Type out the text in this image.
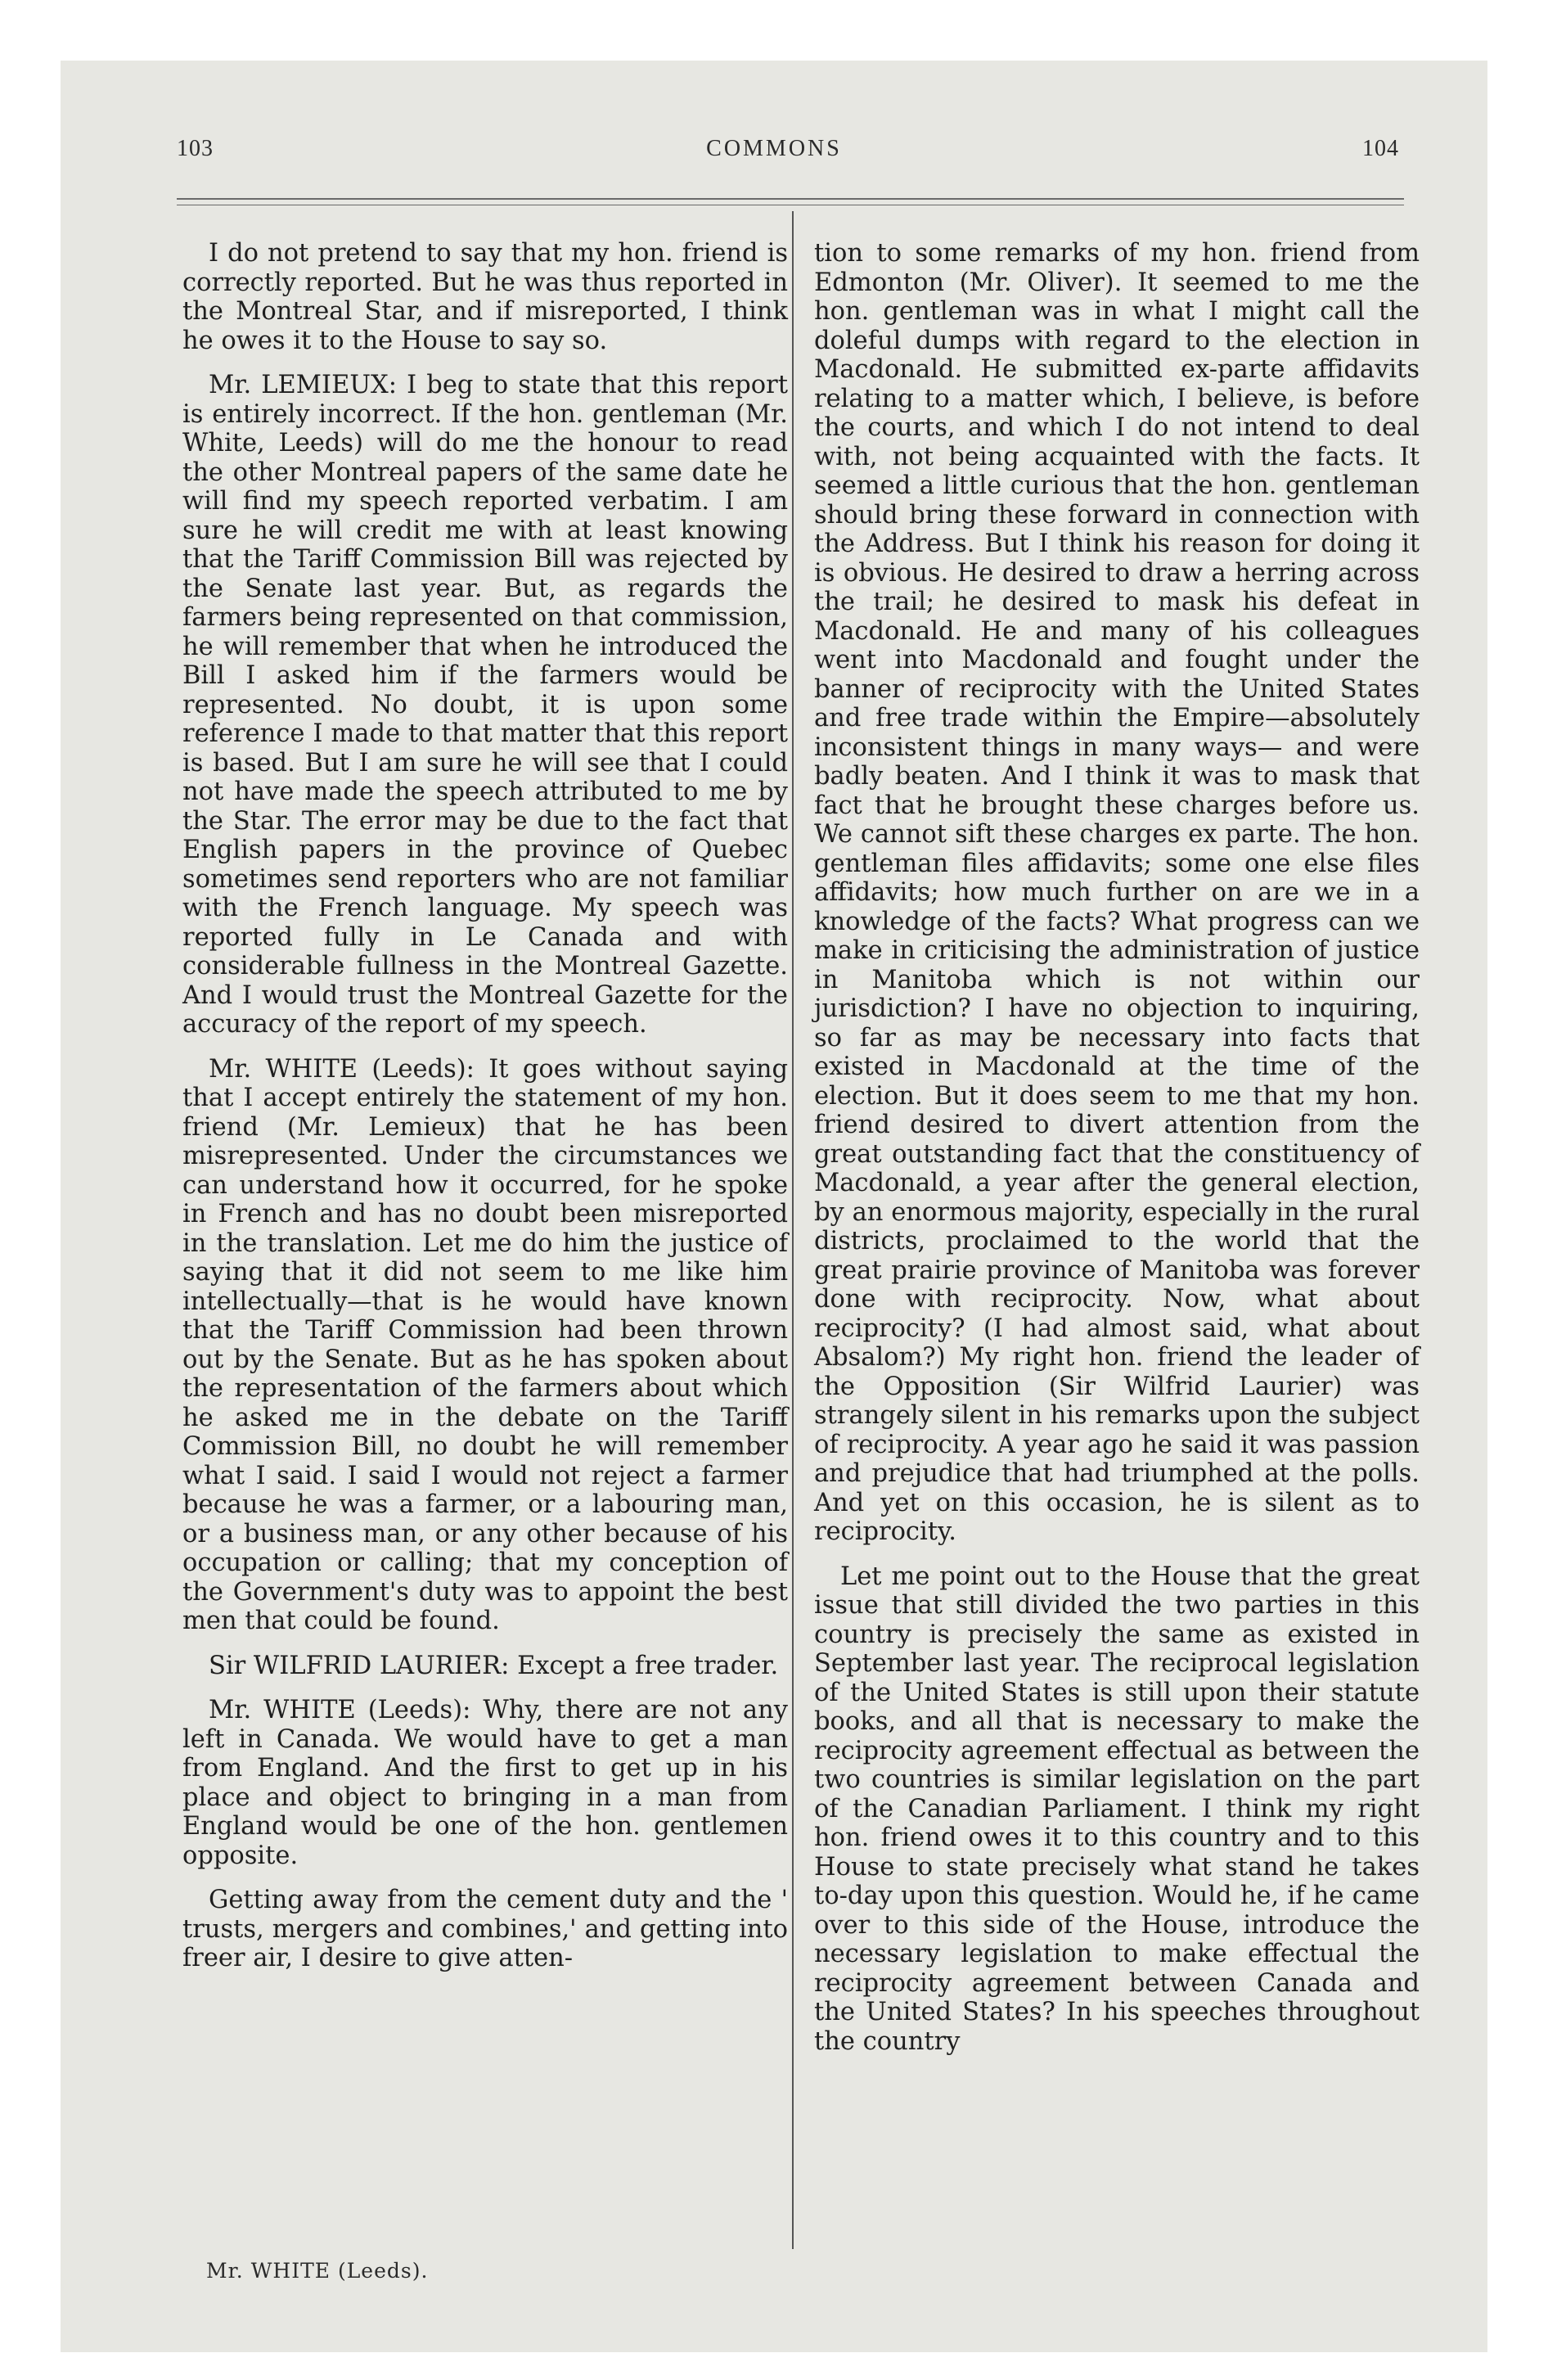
103	COMMONS	104

I do not pretend to say that my hon. friend is correctly reported. But he was thus reported in the Montreal Star, and if misreported, I think he owes it to the House to say so.

Mr. LEMIEUX: I beg to state that this report is entirely incorrect. If the hon. gentleman (Mr. White, Leeds) will do me the honour to read the other Montreal papers of the same date he will find my speech reported verbatim. I am sure he will credit me with at least knowing that the Tariff Commission Bill was rejected by the Senate last year. But, as regards the farmers being represented on that commission, he will remember that when he introduced the Bill I asked him if the farmers would be represented. No doubt, it is upon some reference I made to that matter that this report is based. But I am sure he will see that I could not have made the speech attributed to me by the Star. The error may be due to the fact that English papers in the province of Quebec sometimes send reporters who are not familiar with the French language. My speech was reported fully in Le Canada and with considerable fullness in the Montreal Gazette. And I would trust the Montreal Gazette for the accuracy of the report of my speech.

Mr. WHITE (Leeds): It goes without saying that I accept entirely the statement of my hon. friend (Mr. Lemieux) that he has been misrepresented. Under the circumstances we can understand how it occurred, for he spoke in French and has no doubt been misreported in the translation. Let me do him the justice of saying that it did not seem to me like him intellectually—that is he would have known that the Tariff Commission had been thrown out by the Senate. But as he has spoken about the representation of the farmers about which he asked me in the debate on the Tariff Commission Bill, no doubt he will remember what I said. I said I would not reject a farmer because he was a farmer, or a labouring man, or a business man, or any other because of his occupation or calling; that my conception of the Government's duty was to appoint the best men that could be found.

Sir WILFRID LAURIER: Except a free trader.

Mr. WHITE (Leeds): Why, there are not any left in Canada. We would have to get a man from England. And the first to get up in his place and object to bringing in a man from England would be one of the hon. gentlemen opposite.

Getting away from the cement duty and the ' trusts, mergers and combines,' and getting into freer air, I desire to give atten-

tion to some remarks of my hon. friend from Edmonton (Mr. Oliver). It seemed to me the hon. gentleman was in what I might call the doleful dumps with regard to the election in Macdonald. He submitted ex-parte affidavits relating to a matter which, I believe, is before the courts, and which I do not intend to deal with, not being acquainted with the facts. It seemed a little curious that the hon. gentleman should bring these forward in connection with the Address. But I think his reason for doing it is obvious. He desired to draw a herring across the trail; he desired to mask his defeat in Macdonald. He and many of his colleagues went into Macdonald and fought under the banner of reciprocity with the United States and free trade within the Empire—absolutely inconsistent things in many ways— and were badly beaten. And I think it was to mask that fact that he brought these charges before us. We cannot sift these charges ex parte. The hon. gentleman files affidavits; some one else files affidavits; how much further on are we in a knowledge of the facts? What progress can we make in criticising the administration of justice in Manitoba which is not within our jurisdiction? I have no objection to inquiring, so far as may be necessary into facts that existed in Macdonald at the time of the election. But it does seem to me that my hon. friend desired to divert attention from the great outstanding fact that the constituency of Macdonald, a year after the general election, by an enormous majority, especially in the rural districts, proclaimed to the world that the great prairie province of Manitoba was forever done with reciprocity. Now, what about reciprocity? (I had almost said, what about Absalom?) My right hon. friend the leader of the Opposition (Sir Wilfrid Laurier) was strangely silent in his remarks upon the subject of reciprocity. A year ago he said it was passion and prejudice that had triumphed at the polls. And yet on this occasion, he is silent as to reciprocity.

Let me point out to the House that the great issue that still divided the two parties in this country is precisely the same as existed in September last year. The reciprocal legislation of the United States is still upon their statute books, and all that is necessary to make the reciprocity agreement effectual as between the two countries is similar legislation on the part of the Canadian Parliament. I think my right hon. friend owes it to this country and to this House to state precisely what stand he takes to-day upon this question. Would he, if he came over to this side of the House, introduce the necessary legislation to make effectual the reciprocity agreement between Canada and the United States? In his speeches throughout the country

Mr. WHITE (Leeds).
